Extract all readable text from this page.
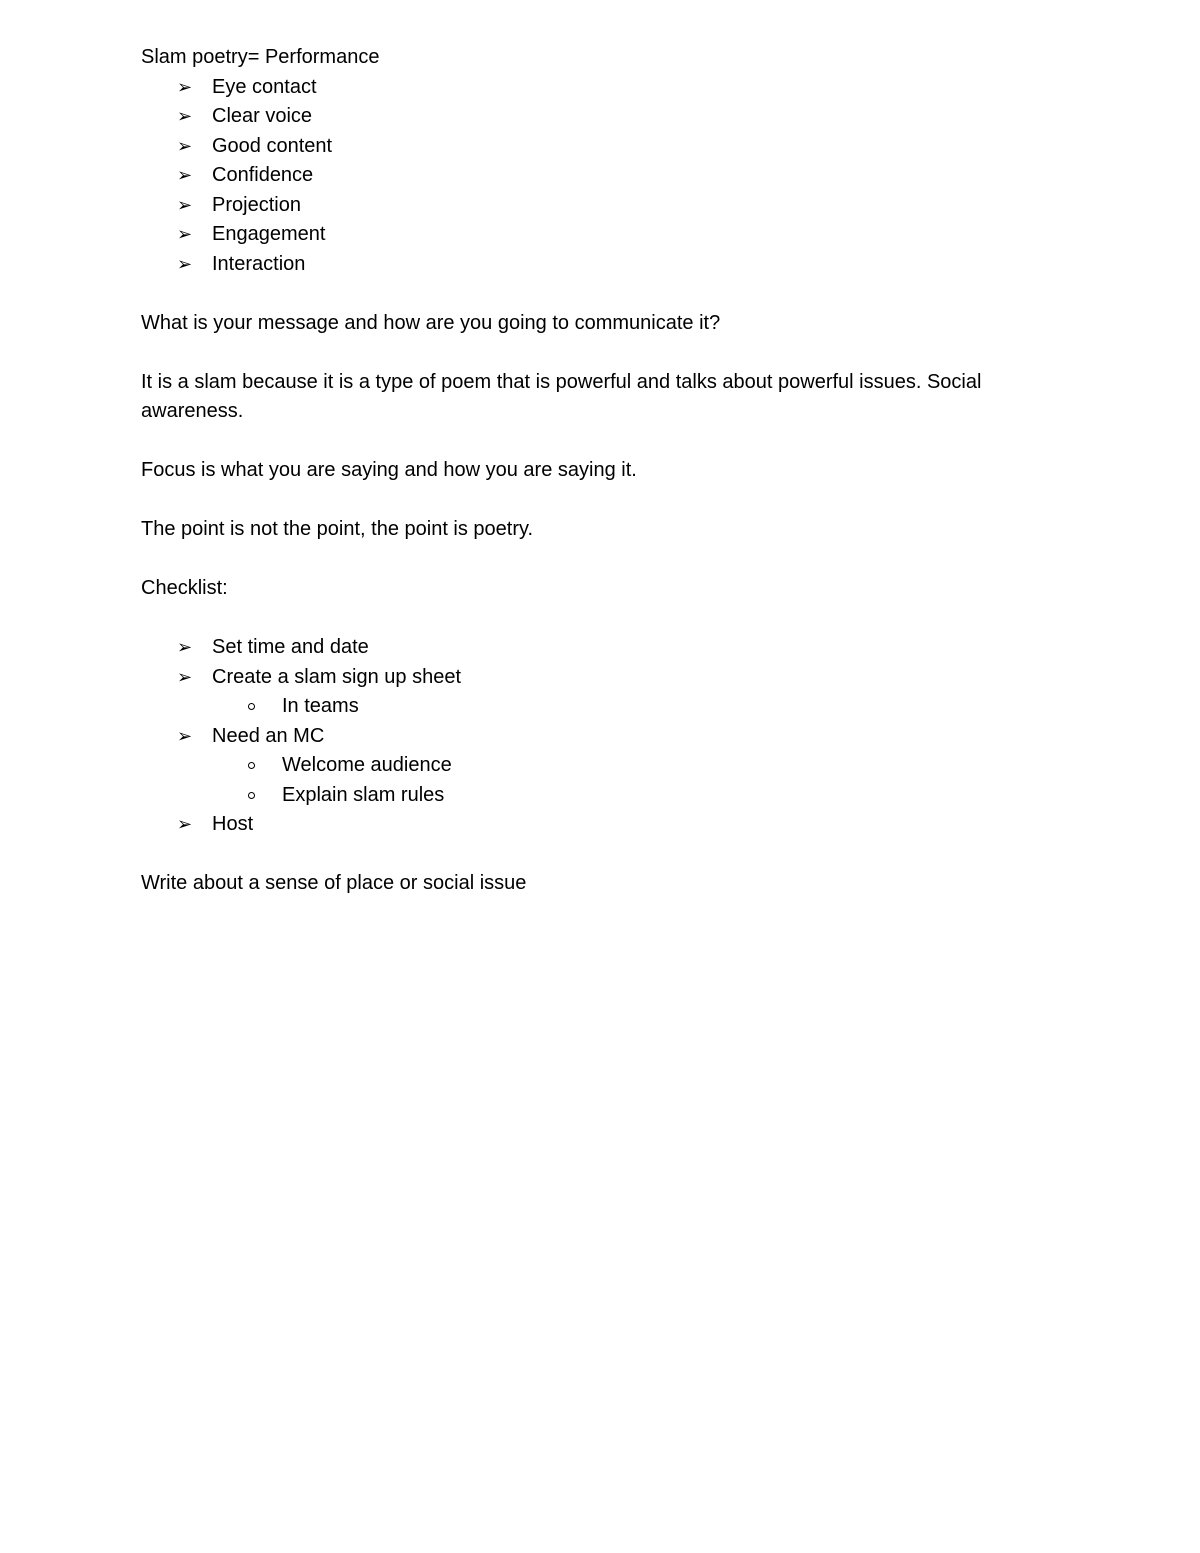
Slam poetry= Performance

➢ Eye contact
➢ Clear voice
➢ Good content
➢ Confidence
➢ Projection
➢ Engagement
➢ Interaction

What is your message and how are you going to communicate it?

It is a slam because it is a type of poem that is powerful and talks about powerful issues. Social awareness.

Focus is what you are saying and how you are saying it.

The point is not the point, the point is poetry.

Checklist:

➢ Set time and date
➢ Create a slam sign up sheet
In teams
➢ Need an MC
Welcome audience
Explain slam rules
➢ Host

Write about a sense of place or social issue
